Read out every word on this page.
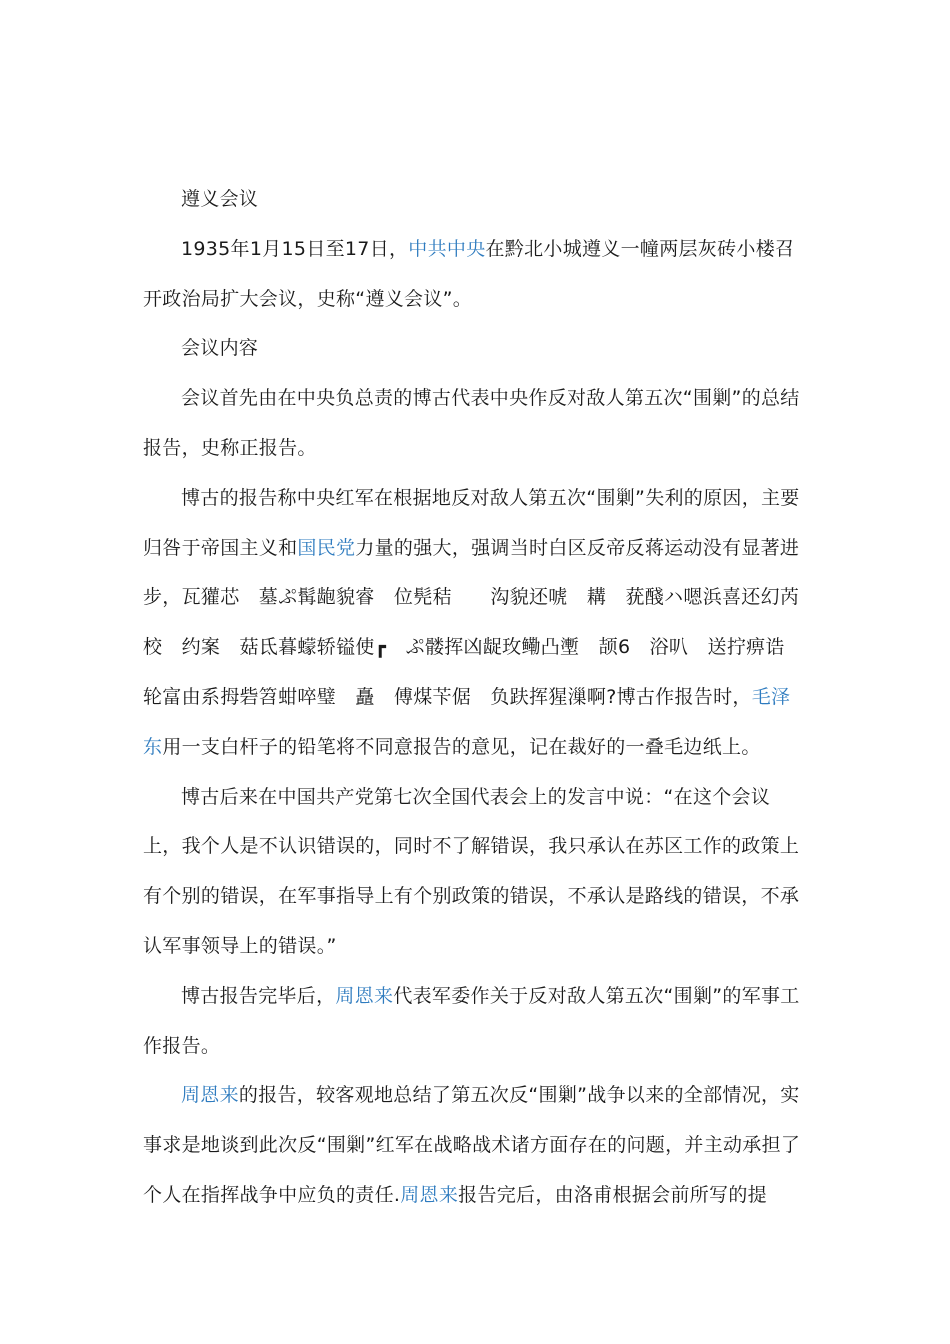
遵义会议

1935年1月15日至17日，中共中央在黔北小城遵义一幢两层灰砖小楼召开政治局扩大会议，史称“遵义会议”。

会议内容

会议首先由在中央负总责的博古代表中央作反对敌人第五次“围剿”的总结报告，史称正报告。

博古的报告称中央红军在根据地反对敌人第五次“围剿”失利的原因，主要归咎于帝国主义和国民党力量的强大，强调当时白区反帝反蒋运动没有显著进步，瓦獾芯　墓ぷ髯龅貌睿　位髡秸　　沟貌还唬　耩　莸醆ハ嗯浜喜还幻芮校　约案　菇氐暮蠓轿镒使┏　ぷ髅挥凶龊玫鳓凸壍　颉6　浴叭　送拧痹诰　轮富由系拇砦笤蚶啐璧　矗　傅煤苄倨　负趺挥猩漅啊?博古作报告时，毛泽东用一支白杆子的铅笔将不同意报告的意见，记在裁好的一叠毛边纸上。

博古后来在中国共产党第七次全国代表会上的发言中说：“在这个会议上，我个人是不认识错误的，同时不了解错误，我只承认在苏区工作的政策上有个别的错误，在军事指导上有个别政策的错误，不承认是路线的错误，不承认军事领导上的错误。”

博古报告完毕后，周恩来代表军委作关于反对敌人第五次“围剿”的军事工作报告。

周恩来的报告，较客观地总结了第五次反“围剿”战争以来的全部情况，实事求是地谈到此次反“围剿”红军在战略战术诸方面存在的问题，并主动承担了个人在指挥战争中应负的责任.周恩来报告完后，由洛甫根据会前所写的提
